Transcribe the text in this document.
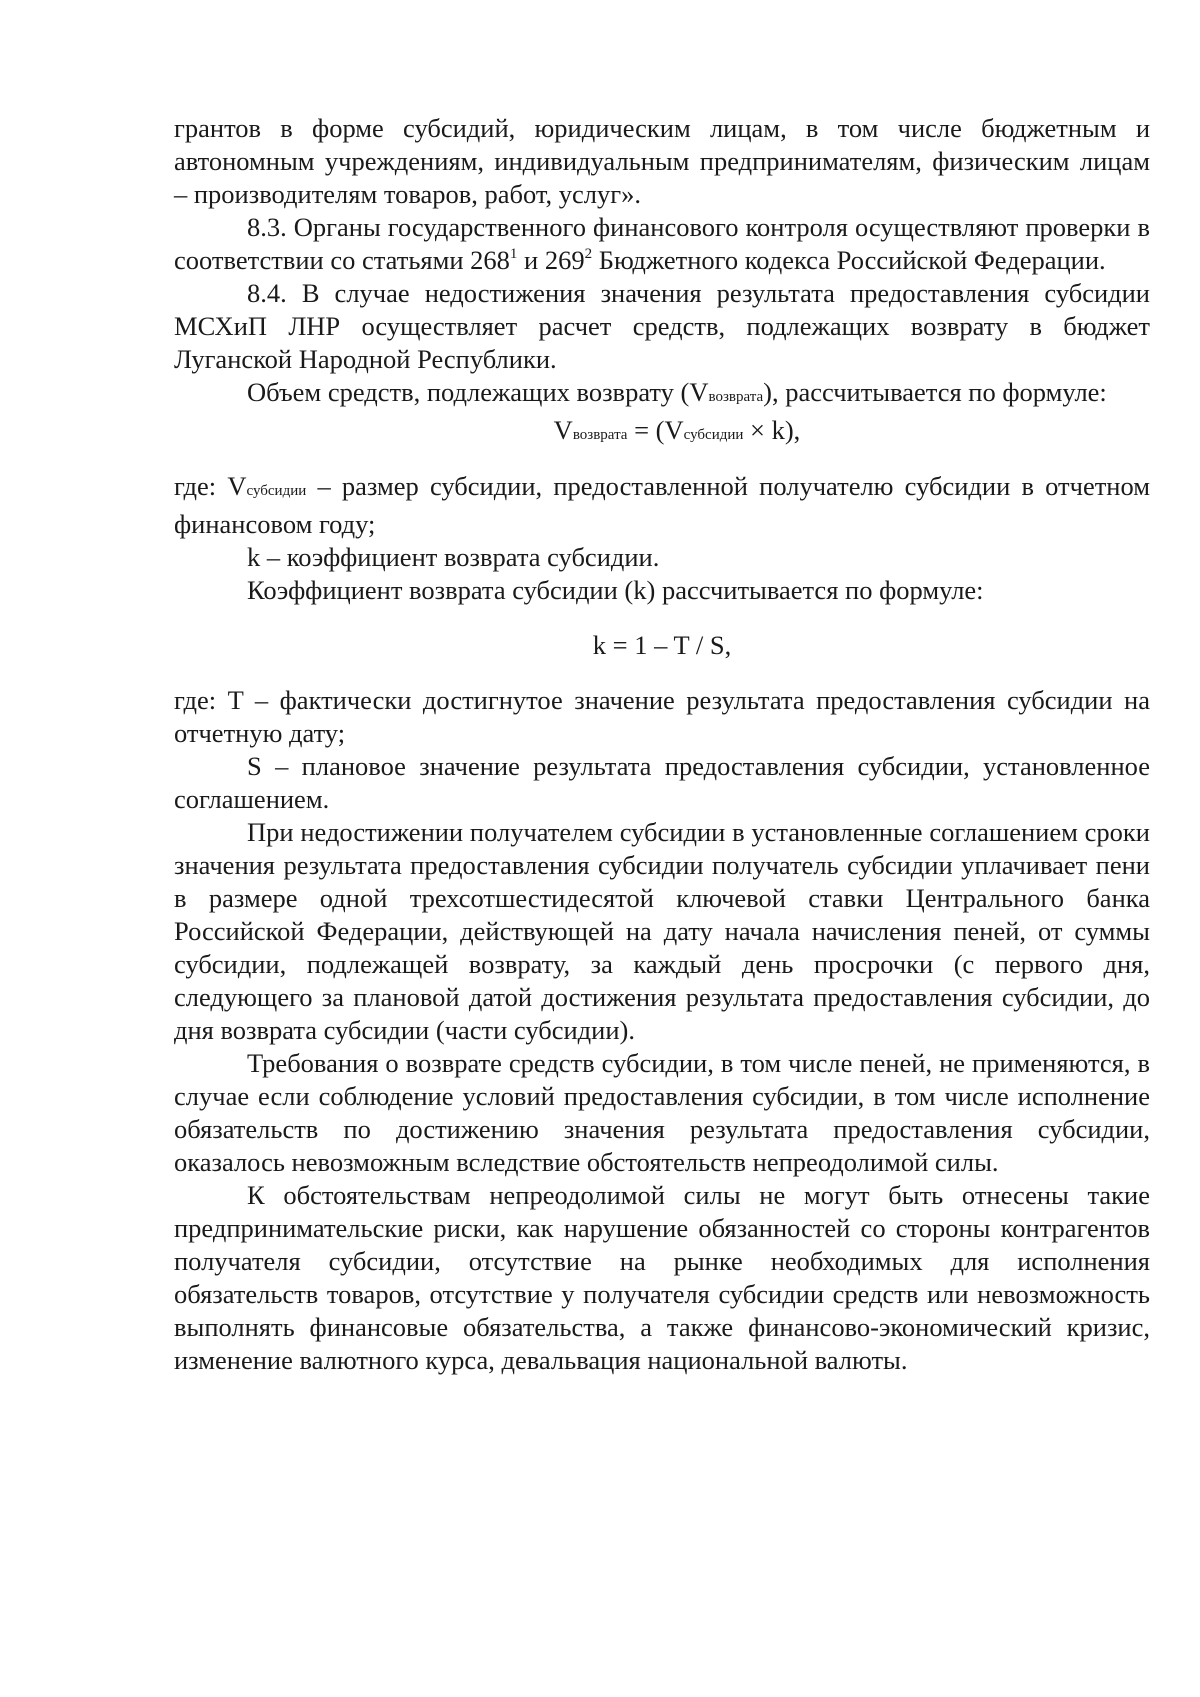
грантов в форме субсидий, юридическим лицам, в том числе бюджетным и автономным учреждениям, индивидуальным предпринимателям, физическим лицам – производителям товаров, работ, услуг».

8.3. Органы государственного финансового контроля осуществляют проверки в соответствии со статьями $268^1$ и $269^2$ Бюджетного кодекса Российской Федерации.

8.4. В случае недостижения значения результата предоставления субсидии МСХиП ЛНР осуществляет расчет средств, подлежащих возврату в бюджет Луганской Народной Республики.

Объем средств, подлежащих возврату (Vвозврата), рассчитывается по формуле:

Vвозврата = (Vсубсидии × k),

где: Vсубсидии – размер субсидии, предоставленной получателю субсидии в отчетном финансовом году;

k – коэффициент возврата субсидии.

Коэффициент возврата субсидии (k) рассчитывается по формуле:

k = 1 – T / S,

где: T – фактически достигнутое значение результата предоставления субсидии на отчетную дату;

S – плановое значение результата предоставления субсидии, установленное соглашением.

При недостижении получателем субсидии в установленные соглашением сроки значения результата предоставления субсидии получатель субсидии уплачивает пени в размере одной трехсотшестидесятой ключевой ставки Центрального банка Российской Федерации, действующей на дату начала начисления пеней, от суммы субсидии, подлежащей возврату, за каждый день просрочки (с первого дня, следующего за плановой датой достижения результата предоставления субсидии, до дня возврата субсидии (части субсидии).

Требования о возврате средств субсидии, в том числе пеней, не применяются, в случае если соблюдение условий предоставления субсидии, в том числе исполнение обязательств по достижению значения результата предоставления субсидии, оказалось невозможным вследствие обстоятельств непреодолимой силы.

К обстоятельствам непреодолимой силы не могут быть отнесены такие предпринимательские риски, как нарушение обязанностей со стороны контрагентов получателя субсидии, отсутствие на рынке необходимых для исполнения обязательств товаров, отсутствие у получателя субсидии средств или невозможность выполнять финансовые обязательства, а также финансово-экономический кризис, изменение валютного курса, девальвация национальной валюты.
